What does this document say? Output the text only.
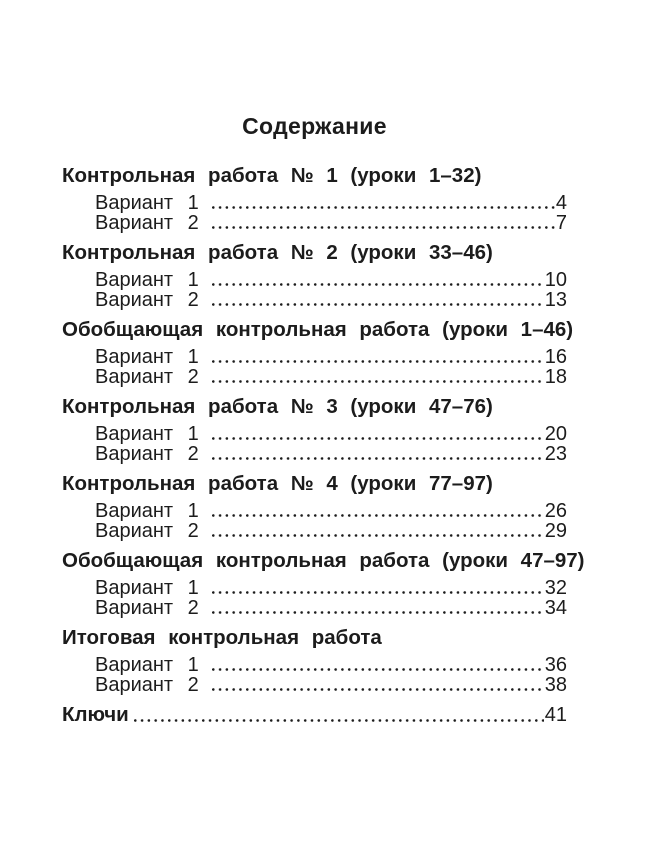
Содержание
Контрольная работа № 1 (уроки 1–32)
Вариант 1	4
Вариант 2	7
Контрольная работа № 2 (уроки 33–46)
Вариант 1	10
Вариант 2	13
Обобщающая контрольная работа (уроки 1–46)
Вариант 1	16
Вариант 2	18
Контрольная работа № 3 (уроки 47–76)
Вариант 1	20
Вариант 2	23
Контрольная работа № 4 (уроки 77–97)
Вариант 1	26
Вариант 2	29
Обобщающая контрольная работа (уроки 47–97)
Вариант 1	32
Вариант 2	34
Итоговая контрольная работа
Вариант 1	36
Вариант 2	38
Ключи	41
